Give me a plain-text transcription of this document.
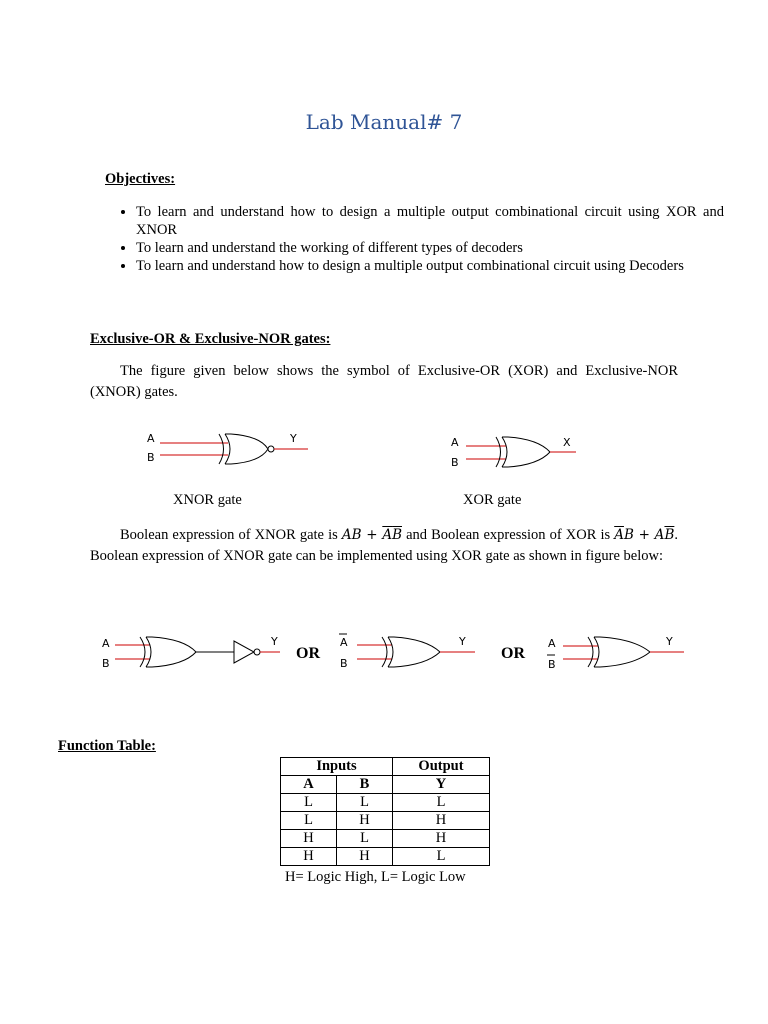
Lab Manual# 7
Objectives:
• To learn and understand how to design a multiple output combinational circuit using XOR and XNOR
• To learn and understand the working of different types of decoders
• To learn and understand how to design a multiple output combinational circuit using Decoders
Exclusive-OR & Exclusive-NOR gates:
The figure given below shows the symbol of Exclusive-OR (XOR) and Exclusive-NOR (XNOR) gates.
A
B
Y	A
B
X
A
B
Y
OR
A
B
Y
OR
A
B
Y
XNOR gate	XOR gate
Boolean expression of XNOR gate is AB + $\overline{A}\overline{B}$ and Boolean expression of XOR is $\overline{A}B + A\overline{B}$. Boolean expression of XNOR gate can be implemented using XOR gate as shown in figure below:
Function Table:
Inputs		Output
A	B	Y
L	L	L
L	H	H
H	L	H
H	H	L
H= Logic High, L= Logic Low
